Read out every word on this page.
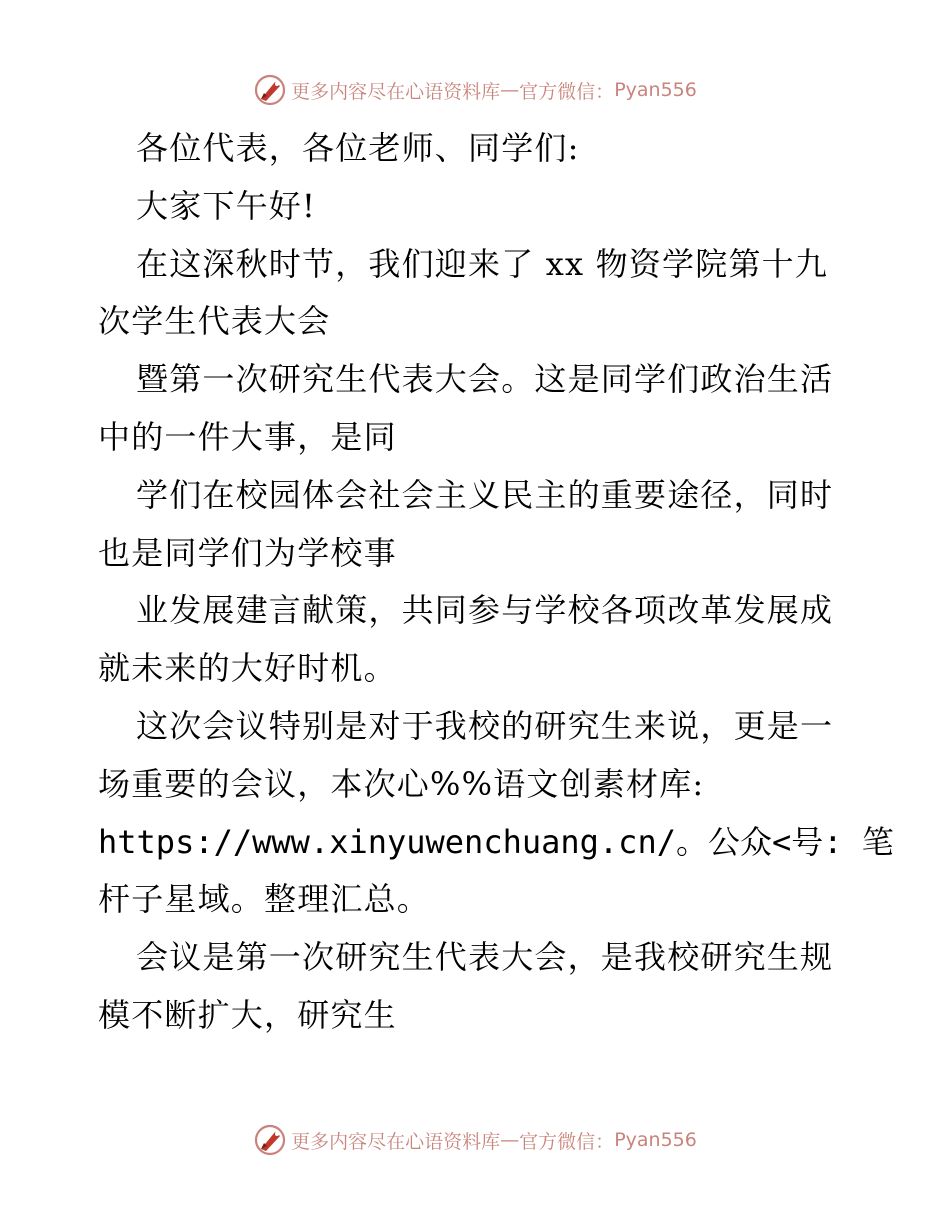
更多内容尽在心语资料库 — 官方微信： Pyan556
各位代表，各位老师、同学们:
大家下午好!
在这深秋时节，我们迎来了 xx 物资学院第十九
次学生代表大会
暨第一次研究生代表大会。这是同学们政治生活
中的一件大事，是同
学们在校园体会社会主义民主的重要途径，同时
也是同学们为学校事
业发展建言献策，共同参与学校各项改革发展成
就未来的大好时机。
这次会议特别是对于我校的研究生来说，更是一
场重要的会议，本次心%%语文创素材库:
https://www.xinyuwenchuang.cn/。公众<号: 笔
杆子星域。整理汇总。
会议是第一次研究生代表大会，是我校研究生规
模不断扩大，研究生
更多内容尽在心语资料库 — 官方微信： Pyan556
